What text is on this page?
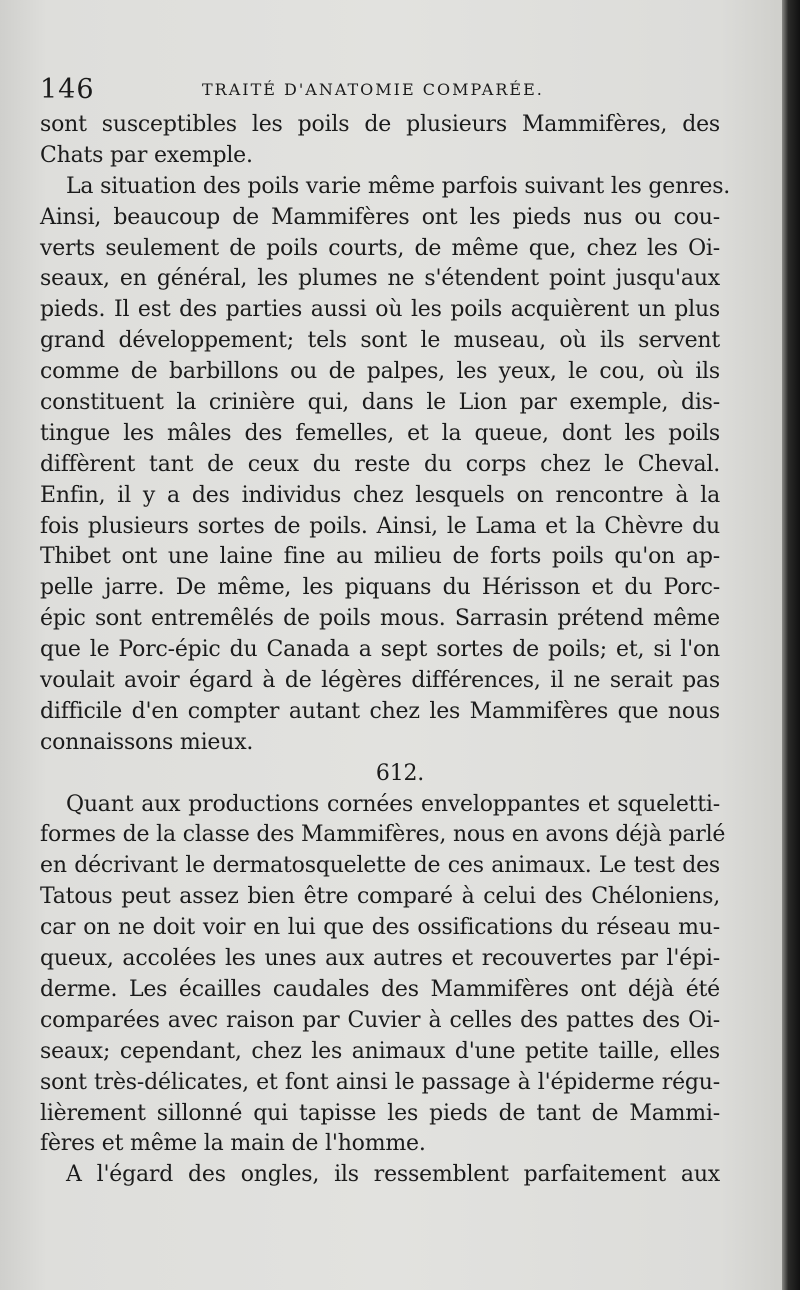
146	TRAITÉ D'ANATOMIE COMPARÉE.
sont susceptibles les poils de plusieurs Mammifères, des
Chats par exemple.
La situation des poils varie même parfois suivant les genres.
Ainsi, beaucoup de Mammifères ont les pieds nus ou cou-
verts seulement de poils courts, de même que, chez les Oi-
seaux, en général, les plumes ne s'étendent point jusqu'aux
pieds. Il est des parties aussi où les poils acquièrent un plus
grand développement; tels sont le museau, où ils servent
comme de barbillons ou de palpes, les yeux, le cou, où ils
constituent la crinière qui, dans le Lion par exemple, dis-
tingue les mâles des femelles, et la queue, dont les poils
diffèrent tant de ceux du reste du corps chez le Cheval.
Enfin, il y a des individus chez lesquels on rencontre à la
fois plusieurs sortes de poils. Ainsi, le Lama et la Chèvre du
Thibet ont une laine fine au milieu de forts poils qu'on ap-
pelle jarre. De même, les piquans du Hérisson et du Porc-
épic sont entremêlés de poils mous. Sarrasin prétend même
que le Porc-épic du Canada a sept sortes de poils; et, si l'on
voulait avoir égard à de légères différences, il ne serait pas
difficile d'en compter autant chez les Mammifères que nous
connaissons mieux.
612.
Quant aux productions cornées enveloppantes et squeletti-
formes de la classe des Mammifères, nous en avons déjà parlé
en décrivant le dermatosquelette de ces animaux. Le test des
Tatous peut assez bien être comparé à celui des Chéloniens,
car on ne doit voir en lui que des ossifications du réseau mu-
queux, accolées les unes aux autres et recouvertes par l'épi-
derme. Les écailles caudales des Mammifères ont déjà été
comparées avec raison par Cuvier à celles des pattes des Oi-
seaux; cependant, chez les animaux d'une petite taille, elles
sont très-délicates, et font ainsi le passage à l'épiderme régu-
lièrement sillonné qui tapisse les pieds de tant de Mammi-
fères et même la main de l'homme.
A l'égard des ongles, ils ressemblent parfaitement aux
